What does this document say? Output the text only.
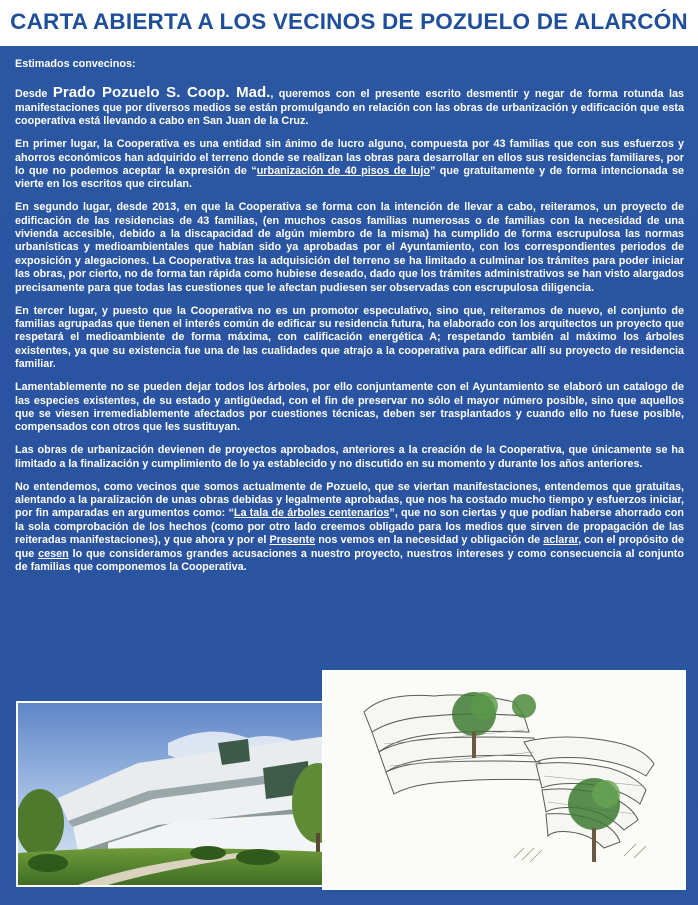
CARTA ABIERTA A LOS VECINOS DE POZUELO DE ALARCÓN

Estimados convecinos:

Desde Prado Pozuelo S. Coop. Mad., queremos con el presente escrito desmentir y negar de forma rotunda las manifestaciones que por diversos medios se están promulgando en relación con las obras de urbanización y edificación que esta cooperativa está llevando a cabo en San Juan de la Cruz.

En primer lugar, la Cooperativa es una entidad sin ánimo de lucro alguno, compuesta por 43 familias que con sus esfuerzos y ahorros económicos han adquirido el terreno donde se realizan las obras para desarrollar en ellos sus residencias familiares, por lo que no podemos aceptar la expresión de “urbanización de 40 pisos de lujo” que gratuitamente y de forma intencionada se vierte en los escritos que circulan.

En segundo lugar, desde 2013, en que la Cooperativa se forma con la intención de llevar a cabo, reiteramos, un proyecto de edificación de las residencias de 43 familias, (en muchos casos familias numerosas o de familias con la necesidad de una vivienda accesible, debido a la discapacidad de algún miembro de la misma) ha cumplido de forma escrupulosa las normas urbanísticas y medioambientales que habían sido ya aprobadas por el Ayuntamiento, con los correspondientes periodos de exposición y alegaciones. La Cooperativa tras la adquisición del terreno se ha limitado a culminar los trámites para poder iniciar las obras, por cierto, no de forma tan rápida como hubiese deseado, dado que los trámites administrativos se han visto alargados precisamente para que todas las cuestiones que le afectan pudiesen ser observadas con escrupulosa diligencia.

En tercer lugar, y puesto que la Cooperativa no es un promotor especulativo, sino que, reiteramos de nuevo, el conjunto de familias agrupadas que tienen el interés común de edificar su residencia futura, ha elaborado con los arquitectos un proyecto que respetará el medioambiente de forma máxima, con calificación energética A; respetando también al máximo los árboles existentes, ya que su existencia fue una de las cualidades que atrajo a la cooperativa para edificar allí su proyecto de residencia familiar.

Lamentablemente no se pueden dejar todos los árboles, por ello conjuntamente con el Ayuntamiento se elaboró un catalogo de las especies existentes, de su estado y antigüedad, con el fin de preservar no sólo el mayor número posible, sino que aquellos que se viesen irremediablemente afectados por cuestiones técnicas, deben ser trasplantados y cuando ello no fuese posible, compensados con otros que les sustituyan.

Las obras de urbanización devienen de proyectos aprobados, anteriores a la creación de la Cooperativa, que únicamente se ha limitado a la finalización y cumplimiento de lo ya establecido y no discutido en su momento y durante los años anteriores.

No entendemos, como vecinos que somos actualmente de Pozuelo, que se viertan manifestaciones, entendemos que gratuitas, alentando a la paralización de unas obras debidas y legalmente aprobadas, que nos ha costado mucho tiempo y esfuerzos iniciar, por fin amparadas en argumentos como: “La tala de árboles centenarios”, que no son ciertas y que podían haberse ahorrado con la sola comprobación de los hechos (como por otro lado creemos obligado para los medios que sirven de propagación de las reiteradas manifestaciones), y que ahora y por el Presente nos vemos en la necesidad y obligación de aclarar, con el propósito de que cesen lo que consideramos grandes acusaciones a nuestro proyecto, nuestros intereses y como consecuencia al conjunto de familias que componemos la Cooperativa.
